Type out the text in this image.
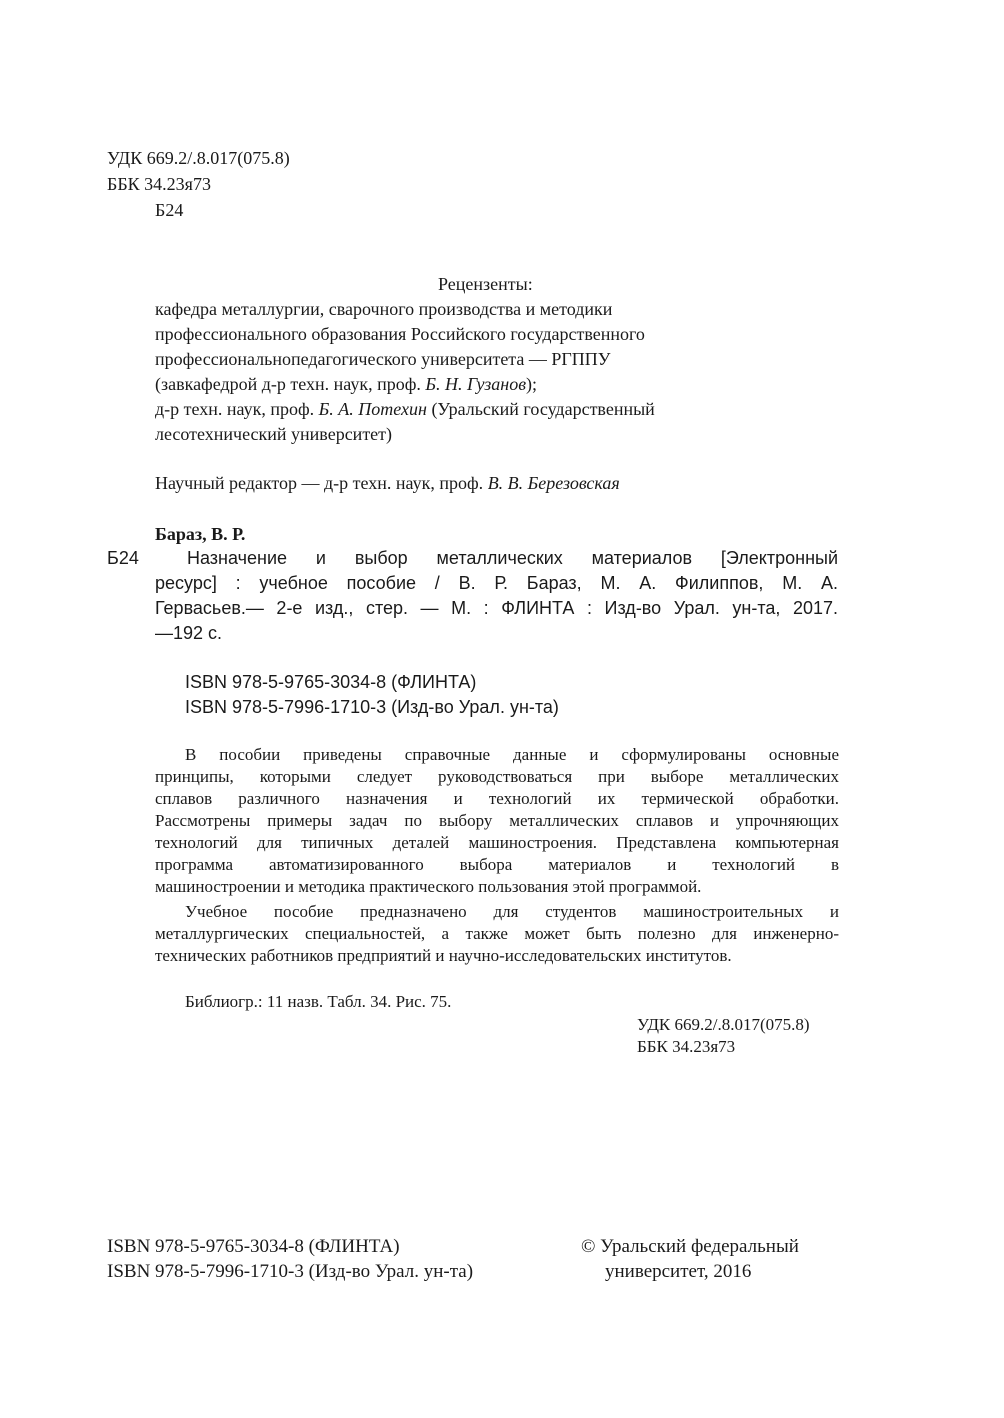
УДК 669.2/.8.017(075.8)
ББК 34.23я73
Б24
Рецензенты:
кафедра металлургии, сварочного производства и методики
профессионального образования Российского государственного
профессиональнопедагогического университета — РГППУ
(завкафедрой д-р техн. наук, проф. Б. Н. Гузанов);
д-р техн. наук, проф. Б. А. Потехин (Уральский государственный
лесотехнический университет)
Научный редактор — д-р техн. наук, проф. В. В. Березовская
Бараз, В. Р.
Б24	Назначение и выбор металлических материалов [Электронный
ресурс] : учебное пособие / В. Р. Бараз, М. А. Филиппов, М. А.
Гервасьев.— 2-е изд., стер. — М. : ФЛИНТА : Изд-во Урал. ун-та, 2017.
—192 с.
ISBN 978-5-9765-3034-8 (ФЛИНТА)
ISBN 978-5-7996-1710-3 (Изд-во Урал. ун-та)
В пособии приведены справочные данные и сформулированы основные
принципы, которыми следует руководствоваться при выборе металлических
сплавов различного назначения и технологий их термической обработки.
Рассмотрены примеры задач по выбору металлических сплавов и упрочняющих
технологий для типичных деталей машиностроения. Представлена компьютерная
программа автоматизированного выбора материалов и технологий в
машиностроении и методика практического пользования этой программой.
Учебное пособие предназначено для студентов машиностроительных и
металлургических специальностей, а также может быть полезно для инженерно-
технических работников предприятий и научно-исследовательских институтов.
Библиогр.: 11 назв. Табл. 34. Рис. 75.
УДК 669.2/.8.017(075.8)
ББК 34.23я73
ISBN 978-5-9765-3034-8 (ФЛИНТА)
ISBN 978-5-7996-1710-3 (Изд-во Урал. ун-та)
© Уральский федеральный
университет, 2016
